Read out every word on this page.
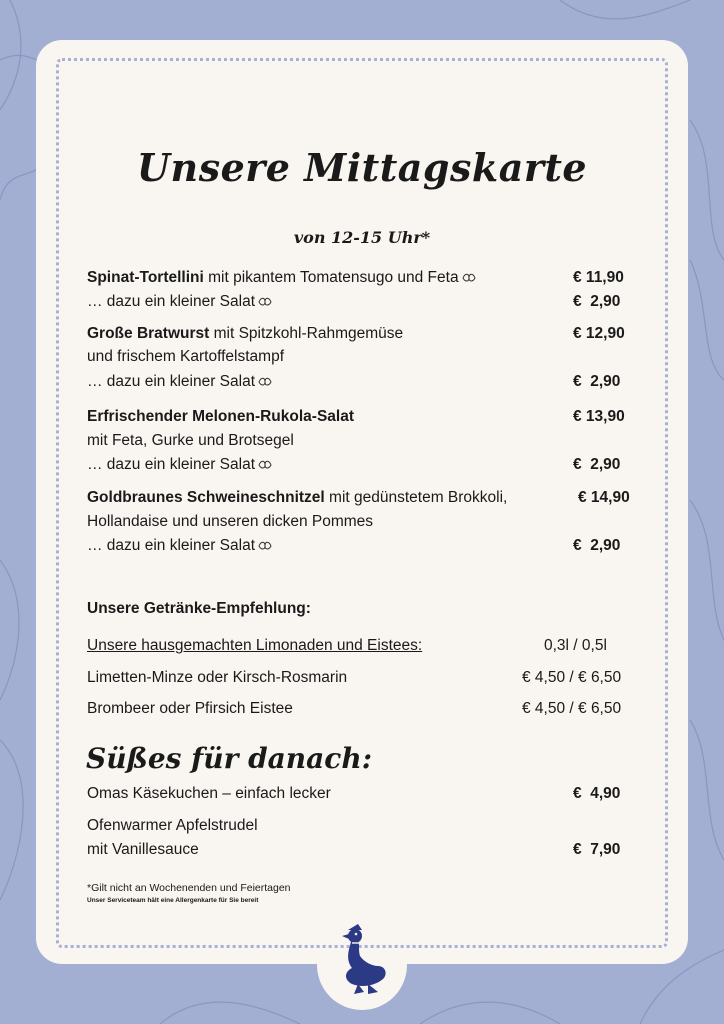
Unsere Mittagskarte
von 12-15 Uhr*
Spinat-Tortellini mit pikantem Tomatensugo und Feta	€ 11,90
… dazu ein kleiner Salat	€  2,90
Große Bratwurst mit Spitzkohl-Rahmgemüse	€ 12,90
und frischem Kartoffelstampf
… dazu ein kleiner Salat	€  2,90
Erfrischender Melonen-Rukola-Salat	€ 13,90
mit Feta, Gurke und Brotsegel
… dazu ein kleiner Salat	€  2,90
Goldbraunes Schweineschnitzel mit gedünstetem Brokkoli,	€ 14,90
Hollandaise und unseren dicken Pommes
… dazu ein kleiner Salat	€  2,90
Unsere Getränke-Empfehlung:
Unsere hausgemachten Limonaden und Eistees:	0,3l / 0,5l
Limetten-Minze oder Kirsch-Rosmarin	€ 4,50 / € 6,50
Brombeer oder Pfirsich Eistee	€ 4,50 / € 6,50
Süßes für danach:
Omas Käsekuchen – einfach lecker	€  4,90
Ofenwarmer Apfelstrudel
mit Vanillesauce	€  7,90
*Gilt nicht an Wochenenden und Feiertagen
Unser Serviceteam hält eine Allergenkarte für Sie bereit
